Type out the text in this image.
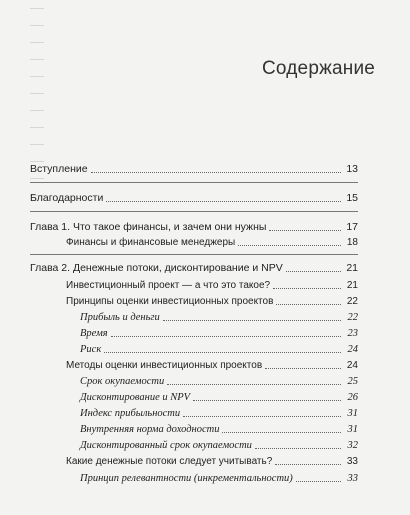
Содержание
Вступление	13
Благодарности	15
Глава 1. Что такое финансы, и зачем они нужны	17
Финансы и финансовые менеджеры	18
Глава 2. Денежные потоки, дисконтирование и NPV	21
Инвестиционный проект — а что это такое?	21
Принципы оценки инвестиционных проектов	22
Прибыль и деньги	22
Время	23
Риск	24
Методы оценки инвестиционных проектов	24
Срок окупаемости	25
Дисконтирование и NPV	26
Индекс прибыльности	31
Внутренняя норма доходности	31
Дисконтированный срок окупаемости	32
Какие денежные потоки следует учитывать?	33
Принцип релевантности (инкрементальности)	33
